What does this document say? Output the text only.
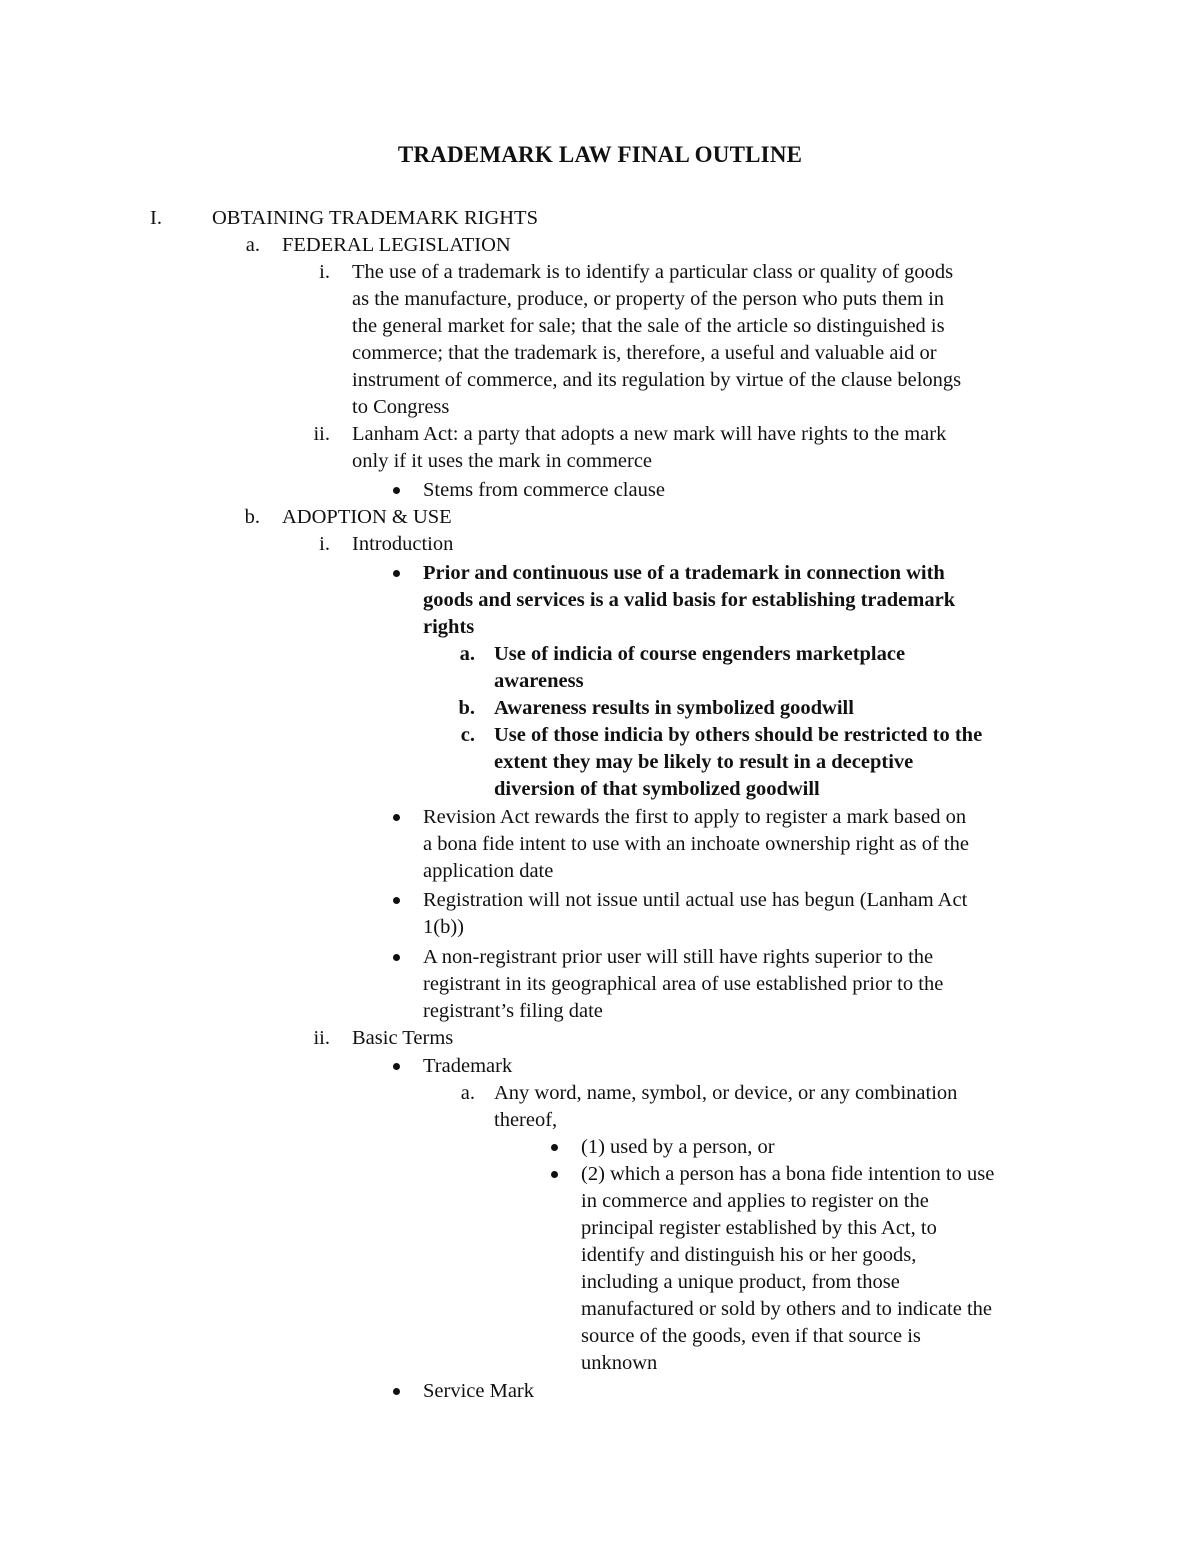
TRADEMARK LAW FINAL OUTLINE
I.	OBTAINING TRADEMARK RIGHTS
a. FEDERAL LEGISLATION
i. The use of a trademark is to identify a particular class or quality of goods
as the manufacture, produce, or property of the person who puts them in
the general market for sale; that the sale of the article so distinguished is
commerce; that the trademark is, therefore, a useful and valuable aid or
instrument of commerce, and its regulation by virtue of the clause belongs
to Congress
ii. Lanham Act: a party that adopts a new mark will have rights to the mark
only if it uses the mark in commerce
Stems from commerce clause
b. ADOPTION & USE
i. Introduction
Prior and continuous use of a trademark in connection with
goods and services is a valid basis for establishing trademark
rights
a. Use of indicia of course engenders marketplace
awareness
b. Awareness results in symbolized goodwill
c. Use of those indicia by others should be restricted to the
extent they may be likely to result in a deceptive
diversion of that symbolized goodwill
Revision Act rewards the first to apply to register a mark based on
a bona fide intent to use with an inchoate ownership right as of the
application date
Registration will not issue until actual use has begun (Lanham Act
1(b))
A non-registrant prior user will still have rights superior to the
registrant in its geographical area of use established prior to the
registrant’s filing date
ii. Basic Terms
Trademark
a. Any word, name, symbol, or device, or any combination
thereof,
(1) used by a person, or
(2) which a person has a bona fide intention to use
in commerce and applies to register on the
principal register established by this Act, to
identify and distinguish his or her goods,
including a unique product, from those
manufactured or sold by others and to indicate the
source of the goods, even if that source is
unknown
Service Mark
